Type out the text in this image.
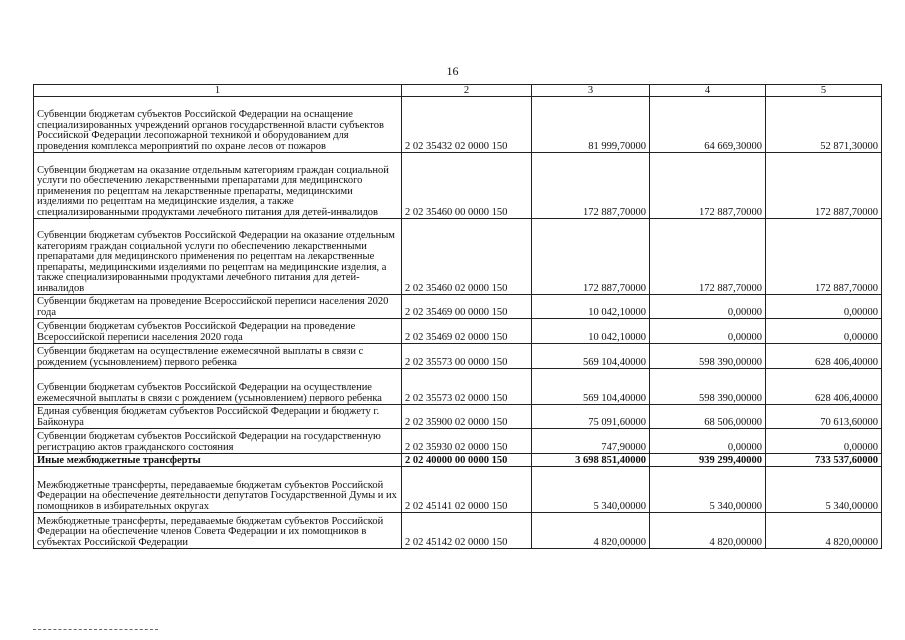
16
1	2	3	4	5
Субвенции бюджетам субъектов Российской Федерации на оснащение специализированных учреждений органов государственной власти субъектов Российской Федерации лесопожарной техникой и оборудованием для проведения комплекса мероприятий по охране лесов от пожаров	2 02 35432 02 0000 150	81 999,70000	64 669,30000	52 871,30000
Субвенции бюджетам на оказание отдельным категориям граждан социальной услуги по обеспечению лекарственными препаратами для медицинского применения по рецептам на лекарственные препараты, медицинскими изделиями по рецептам на медицинские изделия, а также специализированными продуктами лечебного питания для детей-инвалидов	2 02 35460 00 0000 150	172 887,70000	172 887,70000	172 887,70000
Субвенции бюджетам субъектов Российской Федерации на оказание отдельным категориям граждан социальной услуги по обеспечению лекарственными препаратами для медицинского применения по рецептам на лекарственные препараты, медицинскими изделиями по рецептам на медицинские изделия, а также специализированными продуктами лечебного питания для детей-инвалидов	2 02 35460 02 0000 150	172 887,70000	172 887,70000	172 887,70000
Субвенции бюджетам на проведение Всероссийской переписи населения 2020 года	2 02 35469 00 0000 150	10 042,10000	0,00000	0,00000
Субвенции бюджетам субъектов Российской Федерации на проведение Всероссийской переписи населения 2020 года	2 02 35469 02 0000 150	10 042,10000	0,00000	0,00000
Субвенции бюджетам на осуществление ежемесячной выплаты в связи с рождением (усыновлением) первого ребенка	2 02 35573 00 0000 150	569 104,40000	598 390,00000	628 406,40000
Субвенции бюджетам субъектов Российской Федерации на осуществление ежемесячной выплаты в связи с рождением (усыновлением) первого ребенка	2 02 35573 02 0000 150	569 104,40000	598 390,00000	628 406,40000
Единая субвенция бюджетам субъектов Российской Федерации и бюджету г. Байконура	2 02 35900 02 0000 150	75 091,60000	68 506,00000	70 613,60000
Субвенции бюджетам субъектов Российской Федерации на государственную регистрацию актов гражданского состояния	2 02 35930 02 0000 150	747,90000	0,00000	0,00000
Иные межбюджетные трансферты	2 02 40000 00 0000 150	3 698 851,40000	939 299,40000	733 537,60000
Межбюджетные трансферты, передаваемые бюджетам субъектов Российской Федерации на обеспечение деятельности депутатов Государственной Думы и их помощников в избирательных округах	2 02 45141 02 0000 150	5 340,00000	5 340,00000	5 340,00000
Межбюджетные трансферты, передаваемые бюджетам субъектов Российской Федерации на обеспечение членов Совета Федерации и их помощников в субъектах Российской Федерации	2 02 45142 02 0000 150	4 820,00000	4 820,00000	4 820,00000
